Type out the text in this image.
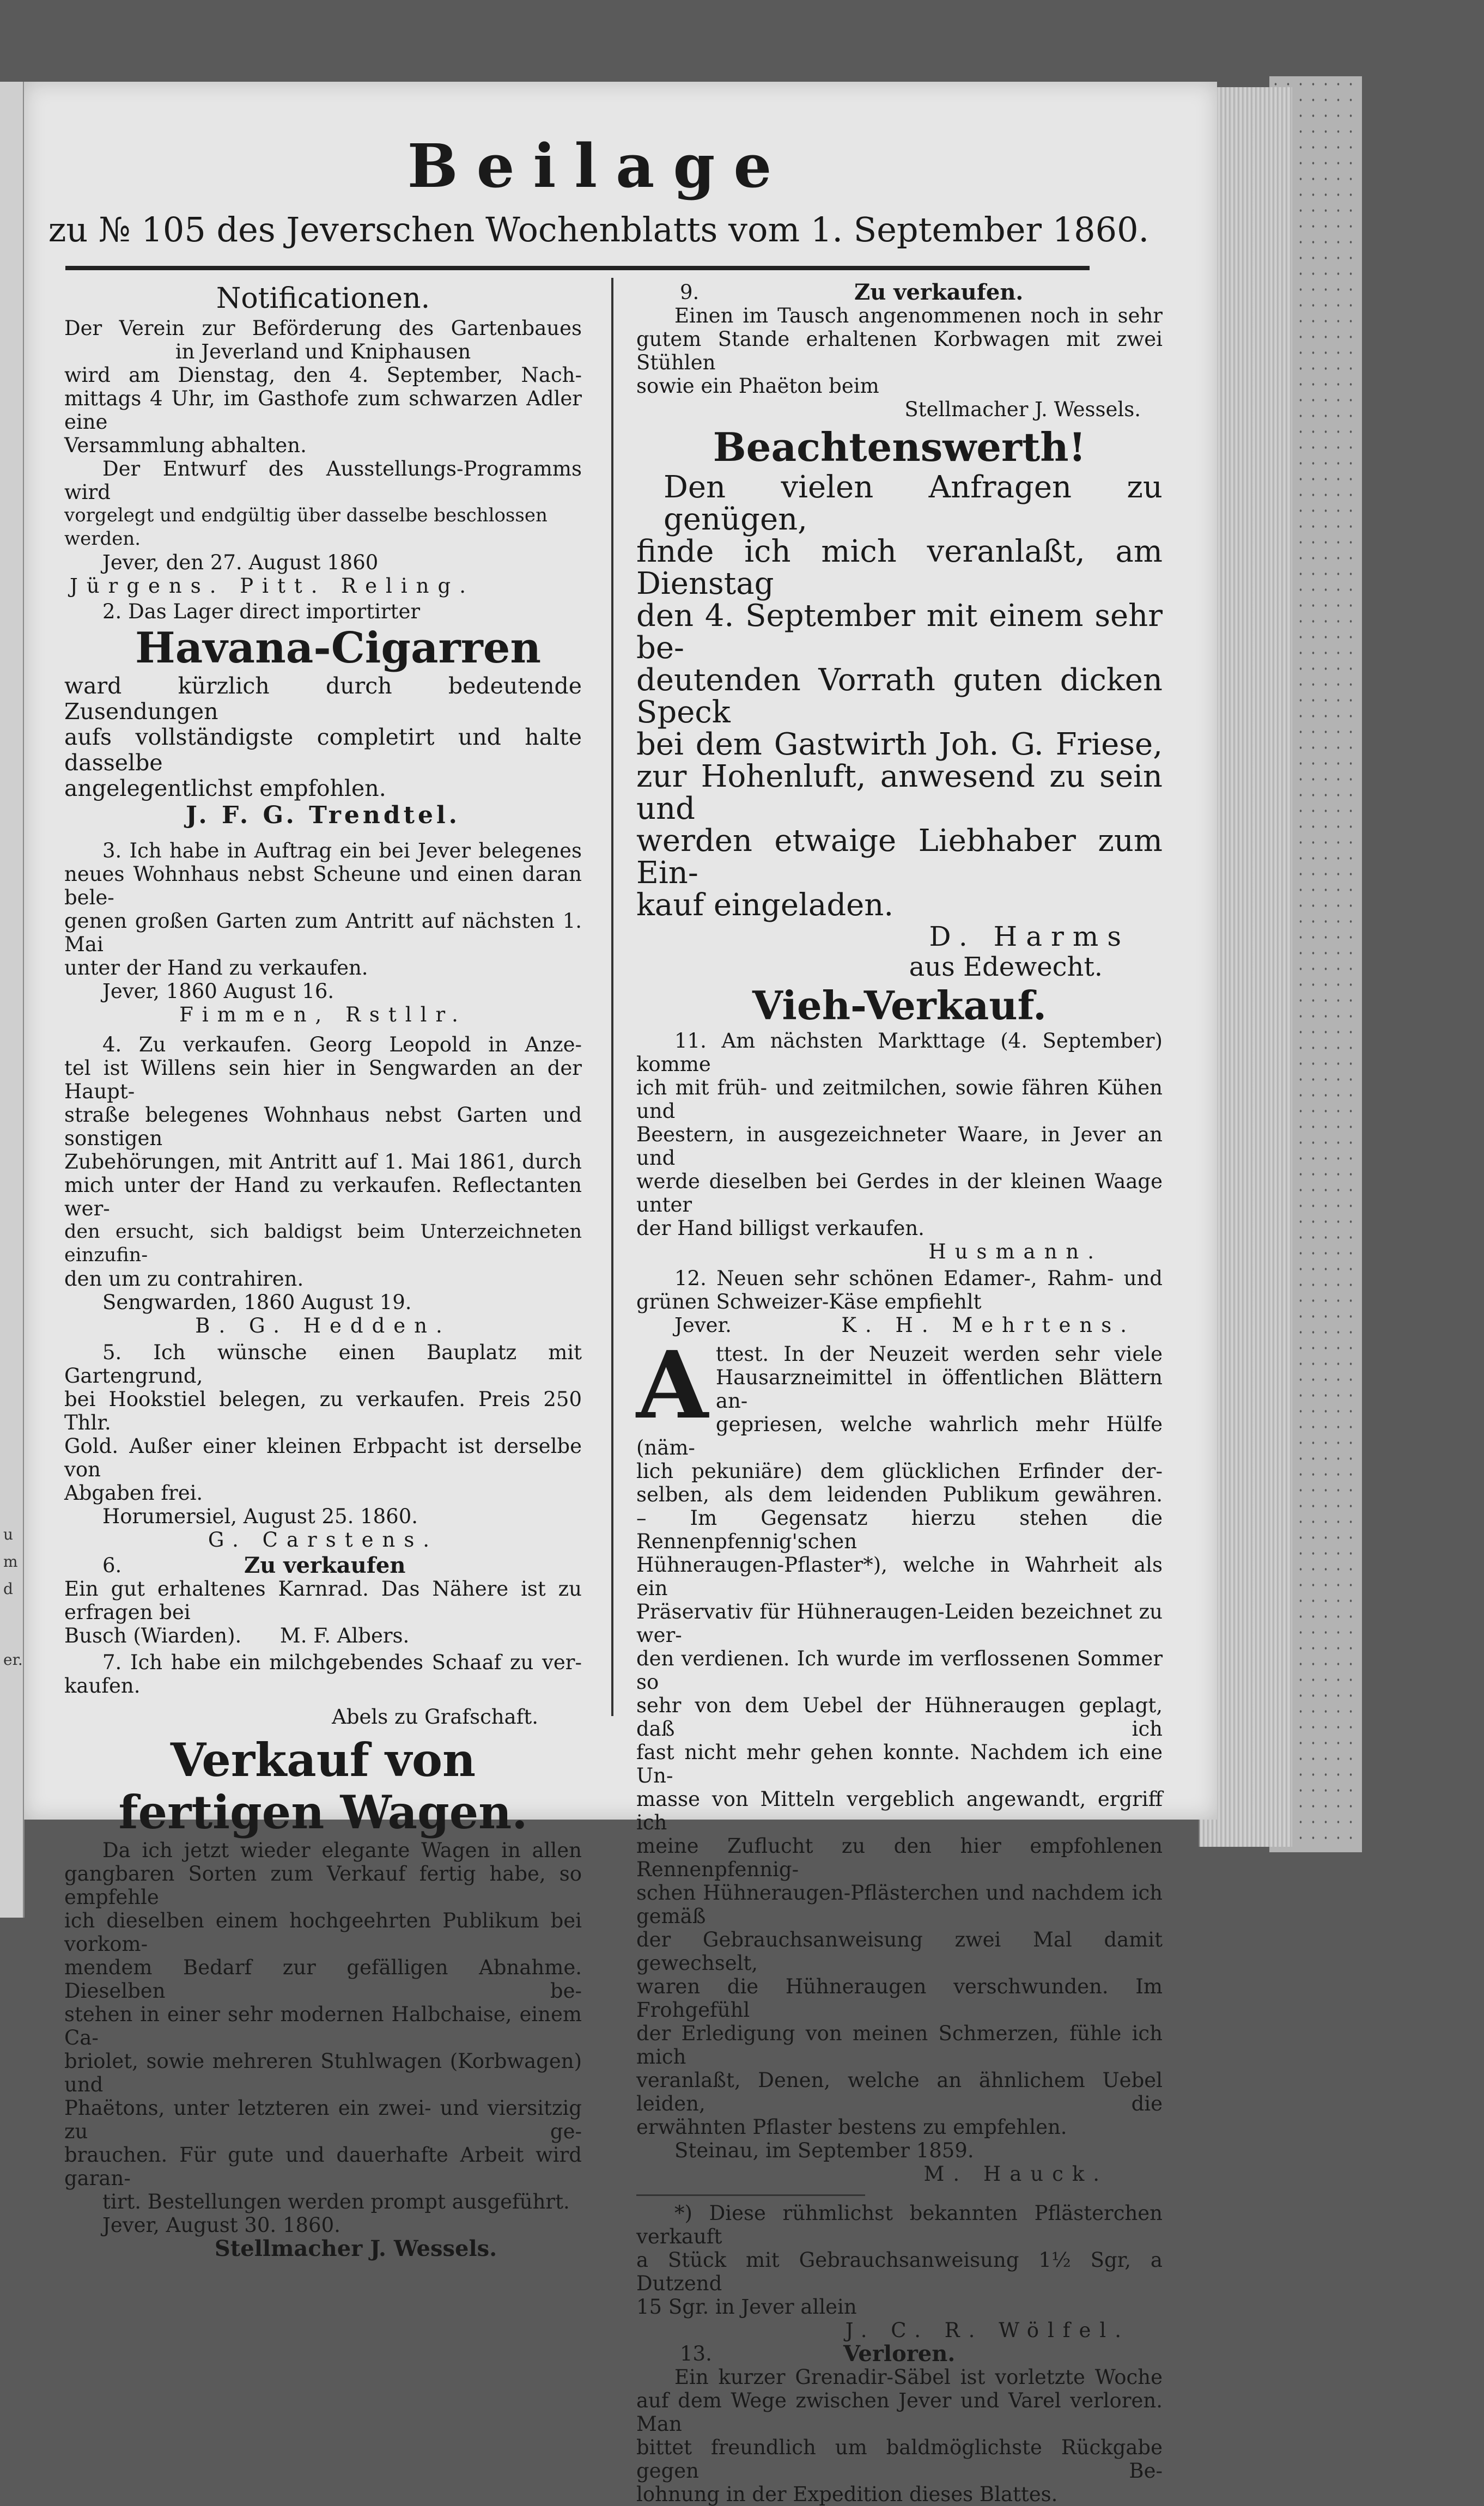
u
m
d
er.
Beilage
zu № 105 des Jeverschen Wochenblatts vom 1. September 1860.

Notificationen.

Der Verein zur Beförderung des Gartenbaues

in Jeverland und Kniphausen

wird am Dienstag, den 4. September, Nach-

mittags 4 Uhr, im Gasthofe zum schwarzen Adler eine

Versammlung abhalten.

Der Entwurf des Ausstellungs-Programms wird

vorgelegt und endgültig über dasselbe beschlossen werden.

Jever, den 27. August 1860

Jürgens. Pitt. Reling.

2. Das Lager direct importirter

Havana-Cigarren

ward kürzlich durch bedeutende Zusendungen

aufs vollständigste completirt und halte dasselbe

angelegentlichst empfohlen.

J. F. G. Trendtel.

3. Ich habe in Auftrag ein bei Jever belegenes

neues Wohnhaus nebst Scheune und einen daran bele-

genen großen Garten zum Antritt auf nächsten 1. Mai

unter der Hand zu verkaufen.

Jever, 1860 August 16.

Fimmen, Rstllr.

4. Zu verkaufen. Georg Leopold in Anze-

tel ist Willens sein hier in Sengwarden an der Haupt-

straße belegenes Wohnhaus nebst Garten und sonstigen

Zubehörungen, mit Antritt auf 1. Mai 1861, durch

mich unter der Hand zu verkaufen. Reflectanten wer-

den ersucht, sich baldigst beim Unterzeichneten einzufin-

den um zu contrahiren.

Sengwarden, 1860 August 19.

B. G. Hedden.

5. Ich wünsche einen Bauplatz mit Gartengrund,

bei Hookstiel belegen, zu verkaufen. Preis 250 Thlr.

Gold. Außer einer kleinen Erbpacht ist derselbe von

Abgaben frei.

Horumersiel, August 25. 1860.

G. Carstens.

6.	Zu verkaufen

Ein gut erhaltenes Karnrad. Das Nähere ist zu

erfragen bei

Busch (Wiarden).      M. F. Albers.

7. Ich habe ein milchgebendes Schaaf zu ver-

kaufen.

Abels zu Grafschaft.

Verkauf von

fertigen Wagen.

Da ich jetzt wieder elegante Wagen in allen

gangbaren Sorten zum Verkauf fertig habe, so empfehle

ich dieselben einem hochgeehrten Publikum bei vorkom-

mendem Bedarf zur gefälligen Abnahme. Dieselben be-

stehen in einer sehr modernen Halbchaise, einem Ca-

briolet, sowie mehreren Stuhlwagen (Korbwagen) und

Phaëtons, unter letzteren ein zwei- und viersitzig zu ge-

brauchen. Für gute und dauerhafte Arbeit wird garan-

tirt. Bestellungen werden prompt ausgeführt.

Jever, August 30. 1860.

Stellmacher J. Wessels.

9.	Zu verkaufen.

Einen im Tausch angenommenen noch in sehr

gutem Stande erhaltenen Korbwagen mit zwei Stühlen

sowie ein Phaëton beim

Stellmacher J. Wessels.

Beachtenswerth!

Den vielen Anfragen zu genügen,

finde ich mich veranlaßt, am Dienstag

den 4. September mit einem sehr be-

deutenden Vorrath guten dicken Speck

bei dem Gastwirth Joh. G. Friese,

zur Hohenluft, anwesend zu sein und

werden etwaige Liebhaber zum Ein-

kauf eingeladen.

D. Harms

aus Edewecht.

Vieh-Verkauf.

11. Am nächsten Markttage (4. September) komme

ich mit früh- und zeitmilchen, sowie fähren Kühen und

Beestern, in ausgezeichneter Waare, in Jever an und

werde dieselben bei Gerdes in der kleinen Waage unter

der Hand billigst verkaufen.

Husmann.

12. Neuen sehr schönen Edamer-, Rahm- und

grünen Schweizer-Käse empfiehlt

Jever.	K. H. Mehrtens.
A ttest. In der Neuzeit werden sehr viele

Hausarzneimittel in öffentlichen Blättern an-

gepriesen, welche wahrlich mehr Hülfe (näm-

lich pekuniäre) dem glücklichen Erfinder der-

selben, als dem leidenden Publikum gewähren.

– Im Gegensatz hierzu stehen die Rennenpfennig'schen

Hühneraugen-Pflaster*), welche in Wahrheit als ein

Präservativ für Hühneraugen-Leiden bezeichnet zu wer-

den verdienen. Ich wurde im verflossenen Sommer so

sehr von dem Uebel der Hühneraugen geplagt, daß ich

fast nicht mehr gehen konnte. Nachdem ich eine Un-

masse von Mitteln vergeblich angewandt, ergriff ich

meine Zuflucht zu den hier empfohlenen Rennenpfennig-

schen Hühneraugen-Pflästerchen und nachdem ich gemäß

der Gebrauchsanweisung zwei Mal damit gewechselt,

waren die Hühneraugen verschwunden. Im Frohgefühl

der Erledigung von meinen Schmerzen, fühle ich mich

veranlaßt, Denen, welche an ähnlichem Uebel leiden, die

erwähnten Pflaster bestens zu empfehlen.

Steinau, im September 1859.

M. Hauck.

*) Diese rühmlichst bekannten Pflästerchen verkauft

a Stück mit Gebrauchsanweisung 1½ Sgr, a Dutzend

15 Sgr. in Jever allein

J. C. R. Wölfel.

13.	Verloren.

Ein kurzer Grenadir-Säbel ist vorletzte Woche

auf dem Wege zwischen Jever und Varel verloren. Man

bittet freundlich um baldmöglichste Rückgabe gegen Be-

lohnung in der Expedition dieses Blattes.
